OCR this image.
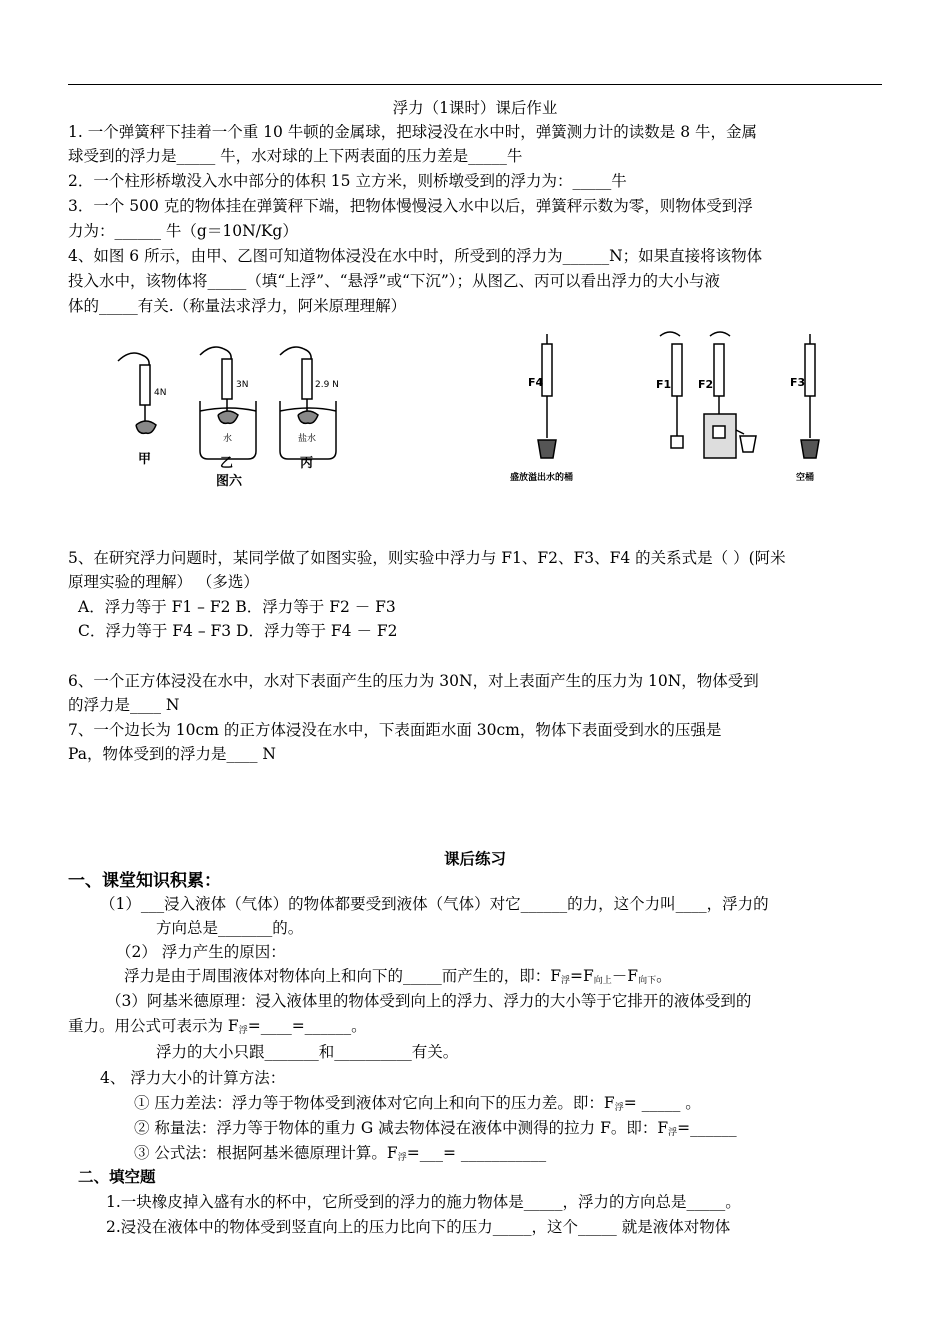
浮力（1课时）课后作业
1. 一个弹簧秤下挂着一个重 10 牛顿的金属球，把球浸没在水中时，弹簧测力计的读数是 8 牛，金属
球受到的浮力是_____ 牛，水对球的上下两表面的压力差是_____牛
2．一个柱形桥墩没入水中部分的体积 15 立方米，则桥墩受到的浮力为：_____牛
3．一个 500 克的物体挂在弹簧秤下端，把物体慢慢浸入水中以后，弹簧秤示数为零，则物体受到浮
力为：______ 牛（g＝10N/Kg）
4、如图 6 所示，由甲、乙图可知道物体浸没在水中时，所受到的浮力为______N；如果直接将该物体
投入水中，该物体将_____（填“上浮”、“悬浮”或“下沉”）；从图乙、丙可以看出浮力的大小与液
体的_____有关.（称量法求浮力，阿米原理理解）
4N
3N	2.9 N
水	盐水
甲	乙	丙
图六
F4	F1 F2	F3
盛放溢出水的桶	空桶
5、在研究浮力问题时，某同学做了如图实验，则实验中浮力与 F1、F2、F3、F4 的关系式是（ ）(阿米
原理实验的理解） （多选）
A．浮力等于 F1 – F2 B．浮力等于 F2 － F3
C．浮力等于 F4 – F3 D．浮力等于 F4 － F2
6、一个正方体浸没在水中，水对下表面产生的压力为 30N，对上表面产生的压力为 10N，物体受到
的浮力是____ N
7、一个边长为 10cm 的正方体浸没在水中，下表面距水面 30cm，物体下表面受到水的压强是
Pa，物体受到的浮力是____ N
课后练习
一、课堂知识积累：
（1）___浸入液体（气体）的物体都要受到液体（气体）对它______的力，这个力叫____，浮力的
方向总是_______的。
（2） 浮力产生的原因：
浮力是由于周围液体对物体向上和向下的_____而产生的，即：$F_浮=F_{向上}-F_{向下}$。
（3）阿基米德原理：浸入液体里的物体受到向上的浮力、浮力的大小等于它排开的液体受到的
重力。用公式可表示为 $F_浮=\_\_\_\_=\_\_\_\_\_\_$。
浮力的大小只跟_______和__________有关。
4、 浮力大小的计算方法：
① 压力差法：浮力等于物体受到液体对它向上和向下的压力差。即：$F_浮=$ _____ 。
② 称量法：浮力等于物体的重力 G 减去物体浸在液体中测得的拉力 F。即：$F_浮=\_\_\_\_\_\_$
③ 公式法：根据阿基米德原理计算。$F_浮=\_\_\_=$ ___________
二、填空题
1.一块橡皮掉入盛有水的杯中，它所受到的浮力的施力物体是_____，浮力的方向总是_____。
2.浸没在液体中的物体受到竖直向上的压力比向下的压力_____，这个_____ 就是液体对物体
